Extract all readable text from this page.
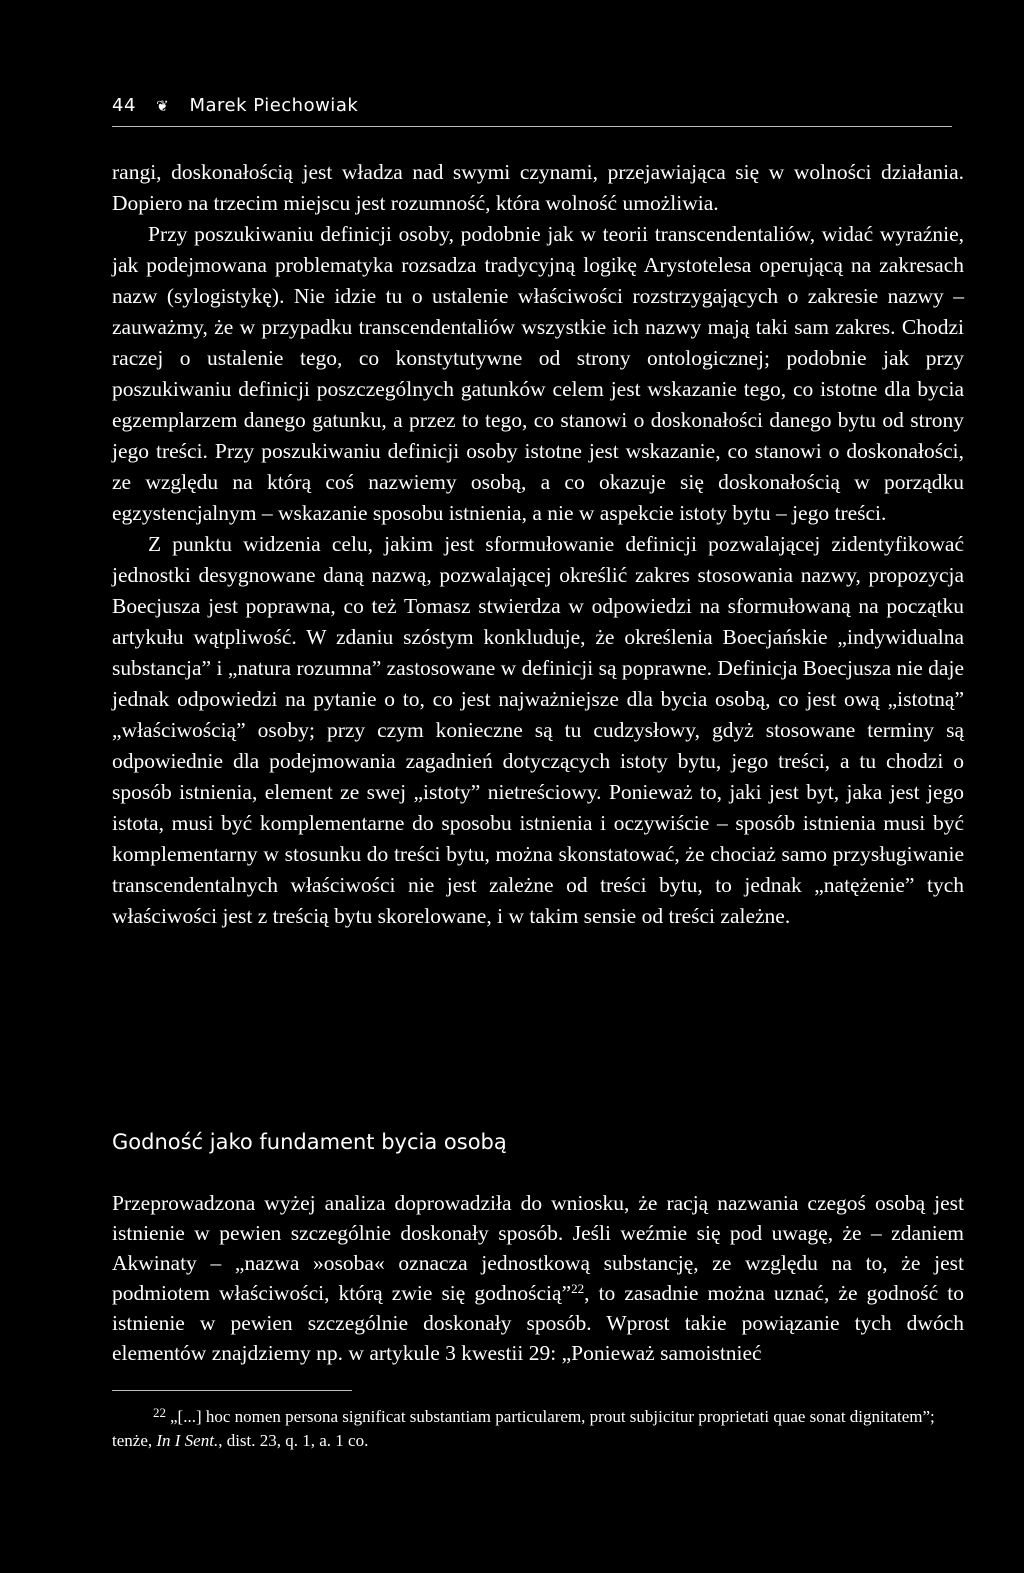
44 ❦ Marek Piechowiak

rangi, doskonałością jest władza nad swymi czynami, przejawiająca się w wolności działania. Dopiero na trzecim miejscu jest rozumność, która wolność umożliwia.

Przy poszukiwaniu definicji osoby, podobnie jak w teorii transcendentaliów, widać wyraźnie, jak podejmowana problematyka rozsadza tradycyjną logikę Arystotelesa operującą na zakresach nazw (sylogistykę). Nie idzie tu o ustalenie właściwości rozstrzygających o zakresie nazwy – zauważmy, że w przypadku transcendentaliów wszystkie ich nazwy mają taki sam zakres. Chodzi raczej o ustalenie tego, co konstytutywne od strony ontologicznej; podobnie jak przy poszukiwaniu definicji poszczególnych gatunków celem jest wskazanie tego, co istotne dla bycia egzemplarzem danego gatunku, a przez to tego, co stanowi o doskonałości danego bytu od strony jego treści. Przy poszukiwaniu definicji osoby istotne jest wskazanie, co stanowi o doskonałości, ze względu na którą coś nazwiemy osobą, a co okazuje się doskonałością w porządku egzystencjalnym – wskazanie sposobu istnienia, a nie w aspekcie istoty bytu – jego treści.

Z punktu widzenia celu, jakim jest sformułowanie definicji pozwalającej zidentyfikować jednostki desygnowane daną nazwą, pozwalającej określić zakres stosowania nazwy, propozycja Boecjusza jest poprawna, co też Tomasz stwierdza w odpowiedzi na sformułowaną na początku artykułu wątpliwość. W zdaniu szóstym konkluduje, że określenia Boecjańskie „indywidualna substancja” i „natura rozumna” zastosowane w definicji są poprawne. Definicja Boecjusza nie daje jednak odpowiedzi na pytanie o to, co jest najważniejsze dla bycia osobą, co jest ową „istotną” „właściwością” osoby; przy czym konieczne są tu cudzysłowy, gdyż stosowane terminy są odpowiednie dla podejmowania zagadnień dotyczących istoty bytu, jego treści, a tu chodzi o sposób istnienia, element ze swej „istoty” nietreściowy. Ponieważ to, jaki jest byt, jaka jest jego istota, musi być komplementarne do sposobu istnienia i oczywiście – sposób istnienia musi być komplementarny w stosunku do treści bytu, można skonstatować, że chociaż samo przysługiwanie transcendentalnych właściwości nie jest zależne od treści bytu, to jednak „natężenie” tych właściwości jest z treścią bytu skorelowane, i w takim sensie od treści zależne.

Godność jako fundament bycia osobą

Przeprowadzona wyżej analiza doprowadziła do wniosku, że racją nazwania czegoś osobą jest istnienie w pewien szczególnie doskonały sposób. Jeśli weźmie się pod uwagę, że – zdaniem Akwinaty – „nazwa »osoba« oznacza jednostkową substancję, ze względu na to, że jest podmiotem właściwości, którą zwie się godnością”$^{22}$, to zasadnie można uznać, że godność to istnienie w pewien szczególnie doskonały sposób. Wprost takie powiązanie tych dwóch elementów znajdziemy np. w artykule 3 kwestii 29: „Ponieważ samoistnieć

22 „[...] hoc nomen persona significat substantiam particularem, prout subjicitur proprietati quae sonat dignitatem”; tenże, In I Sent., dist. 23, q. 1, a. 1 co.
